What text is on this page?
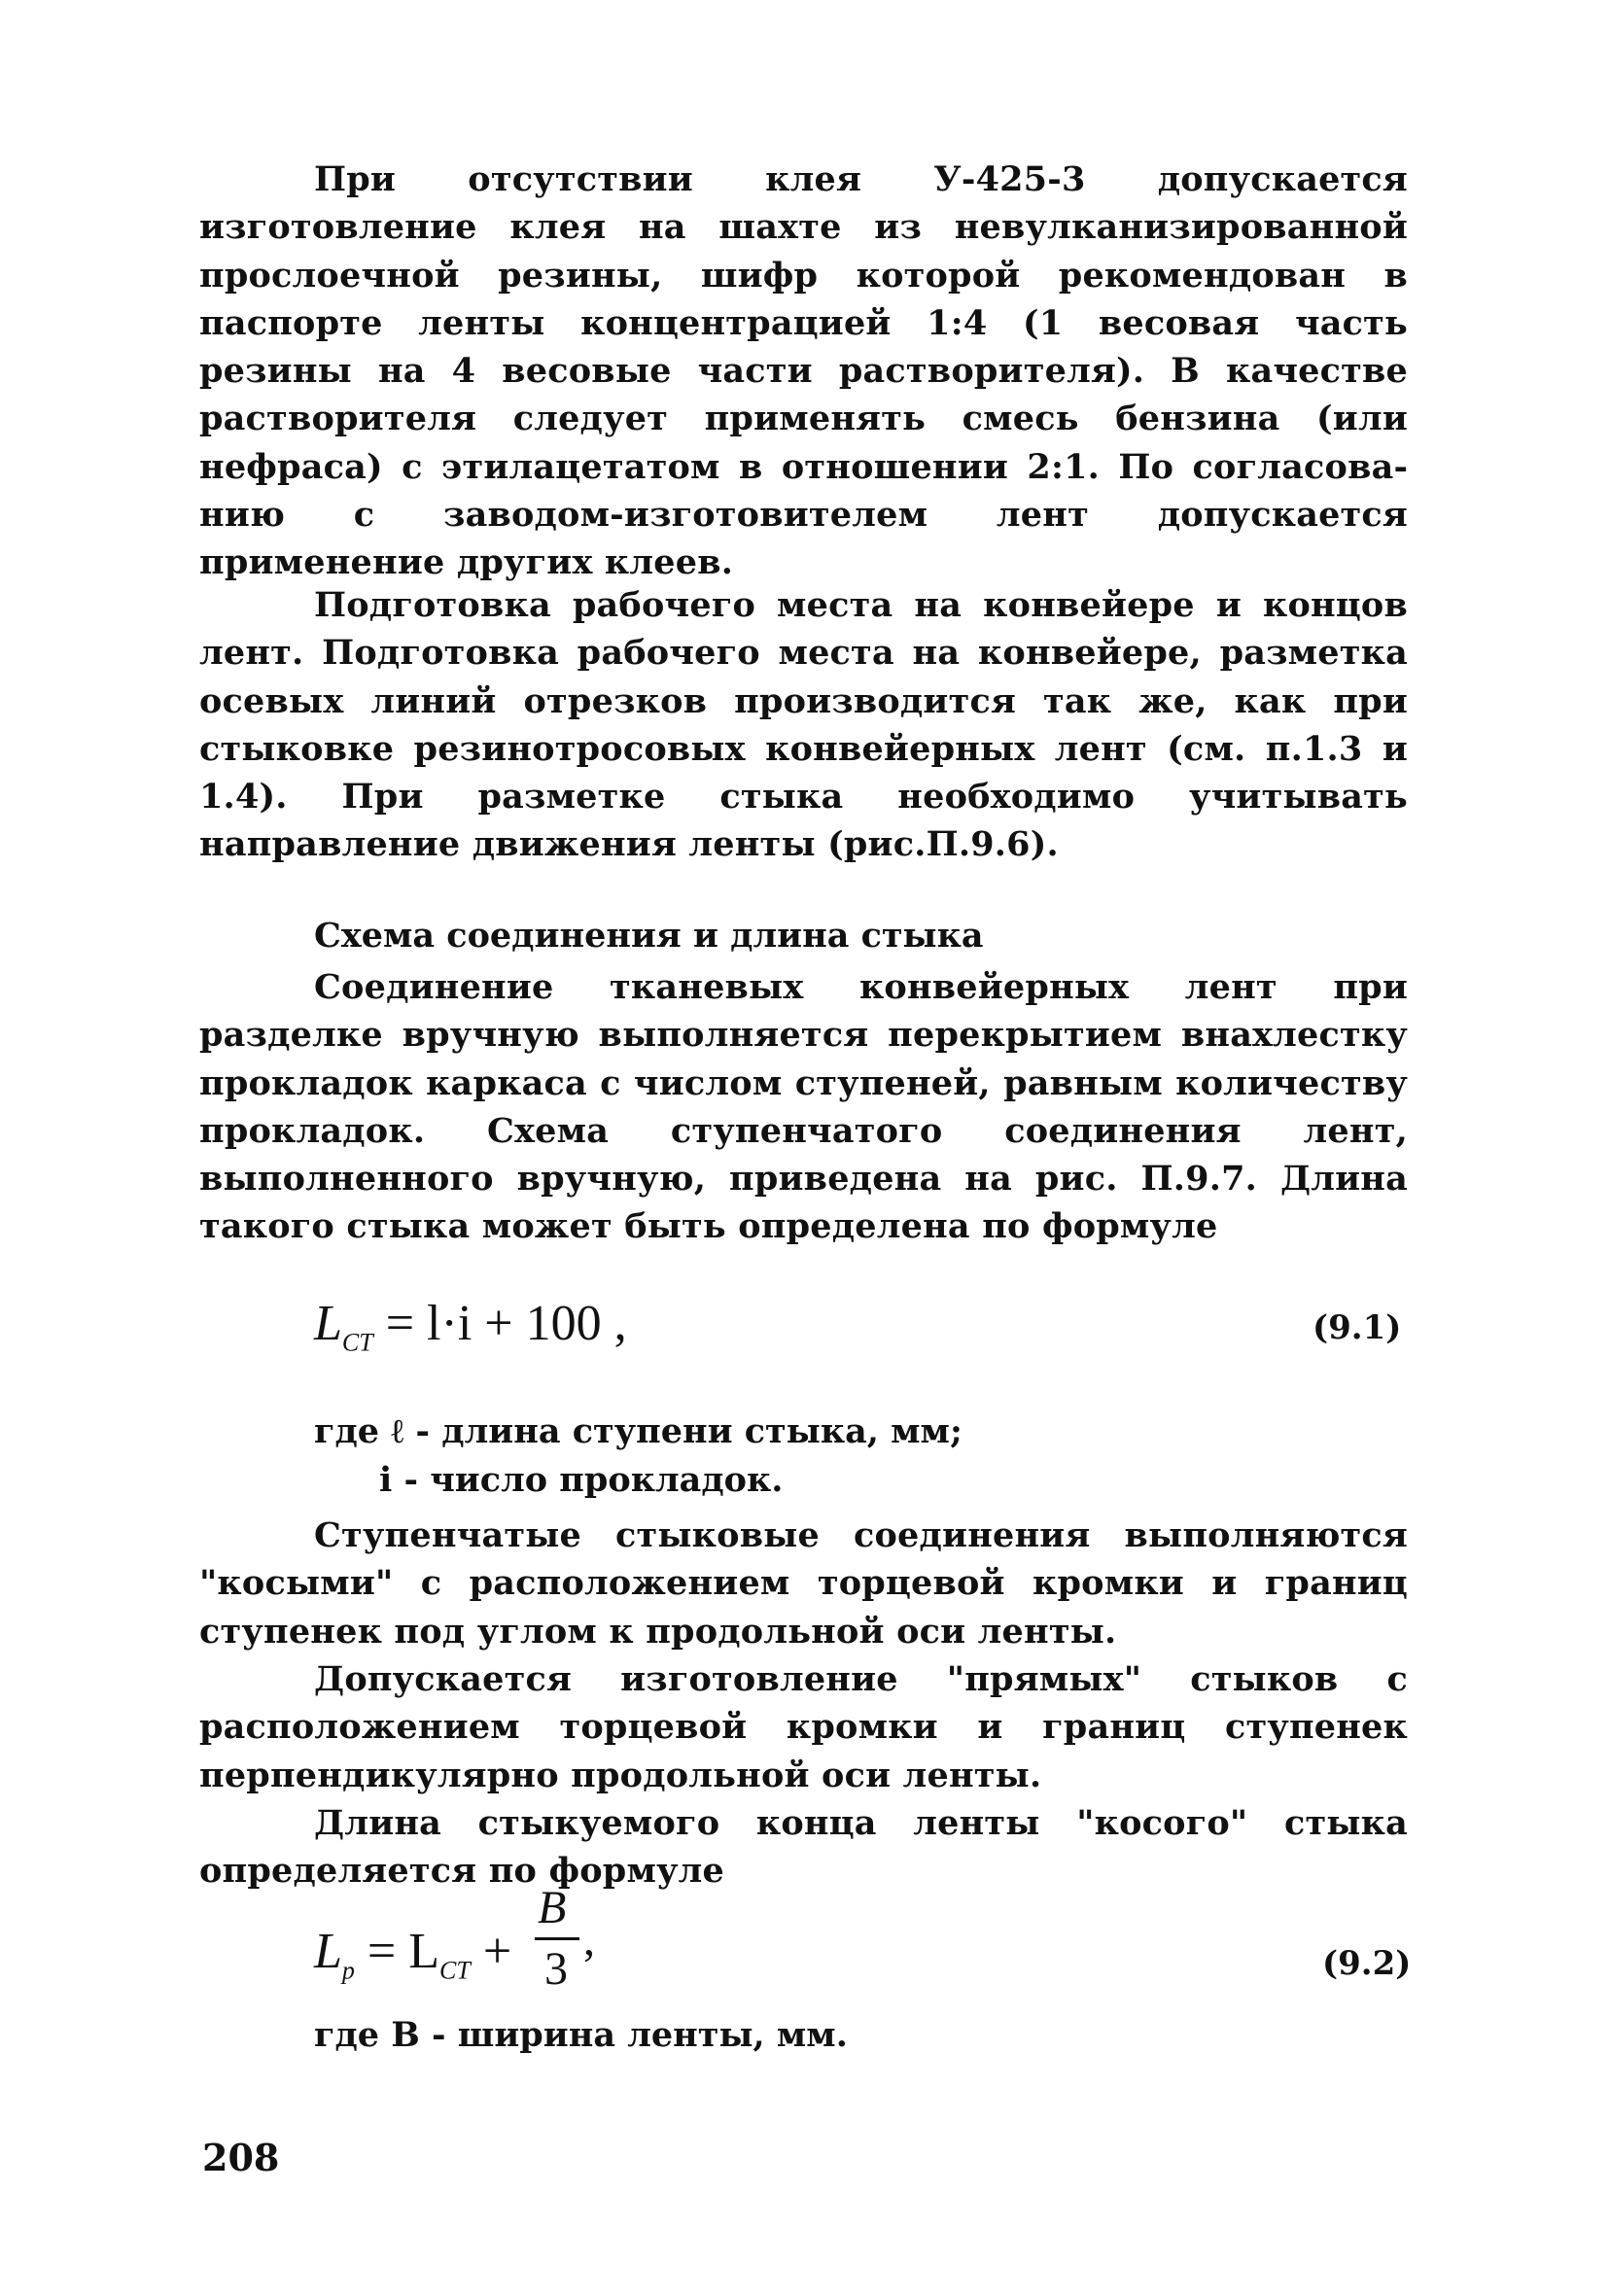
При отсутствии клея У-425-3 допускается изготовление клея на шахте из невулканизированной прослоечной резины, шифр которой рекомендован в паспорте ленты концентрацией 1:4 (1 весовая часть резины на 4 весовые части растворителя). В качестве растворителя следует применять смесь бензина (или нефраса) с этилацетатом в отношении 2:1. По согласованию с заводом-изготовителем лент допускается применение других клеев.

Подготовка рабочего места на конвейере и концов лент. Подготовка рабочего места на конвейере, разметка осевых линий отрезков производится так же, как при стыковке резинотросовых конвейерных лент (см. п.1.3 и 1.4). При разметке стыка необходимо учитывать направление движения ленты (рис.П.9.6).

Схема соединения и длина стыка

Соединение тканевых конвейерных лент при разделке вручную выполняется перекрытием внахлестку прокладок каркаса с числом ступеней, равным количеству прокладок. Схема ступенчатого соединения лент, выполненного вручную, приведена на рис. П.9.7. Длина такого стыка может быть определена по формуле

$L_{CT} = l\cdot i + 100$ ,	(9.1)

где ℓ - длина ступени стыка, мм;

i - число прокладок.

Ступенчатые стыковые соединения выполняются "косыми" с расположением торцевой кромки и границ ступенек под углом к продольной оси ленты.

Допускается изготовление "прямых" стыков с расположением торцевой кромки и границ ступенек перпендикулярно продольной оси ленты.

Длина стыкуемого конца ленты "косого" стыка определяется по формуле

$L_р = L_{CT}$ +
B
3
,	(9.2)

где B - ширина ленты, мм.

208
